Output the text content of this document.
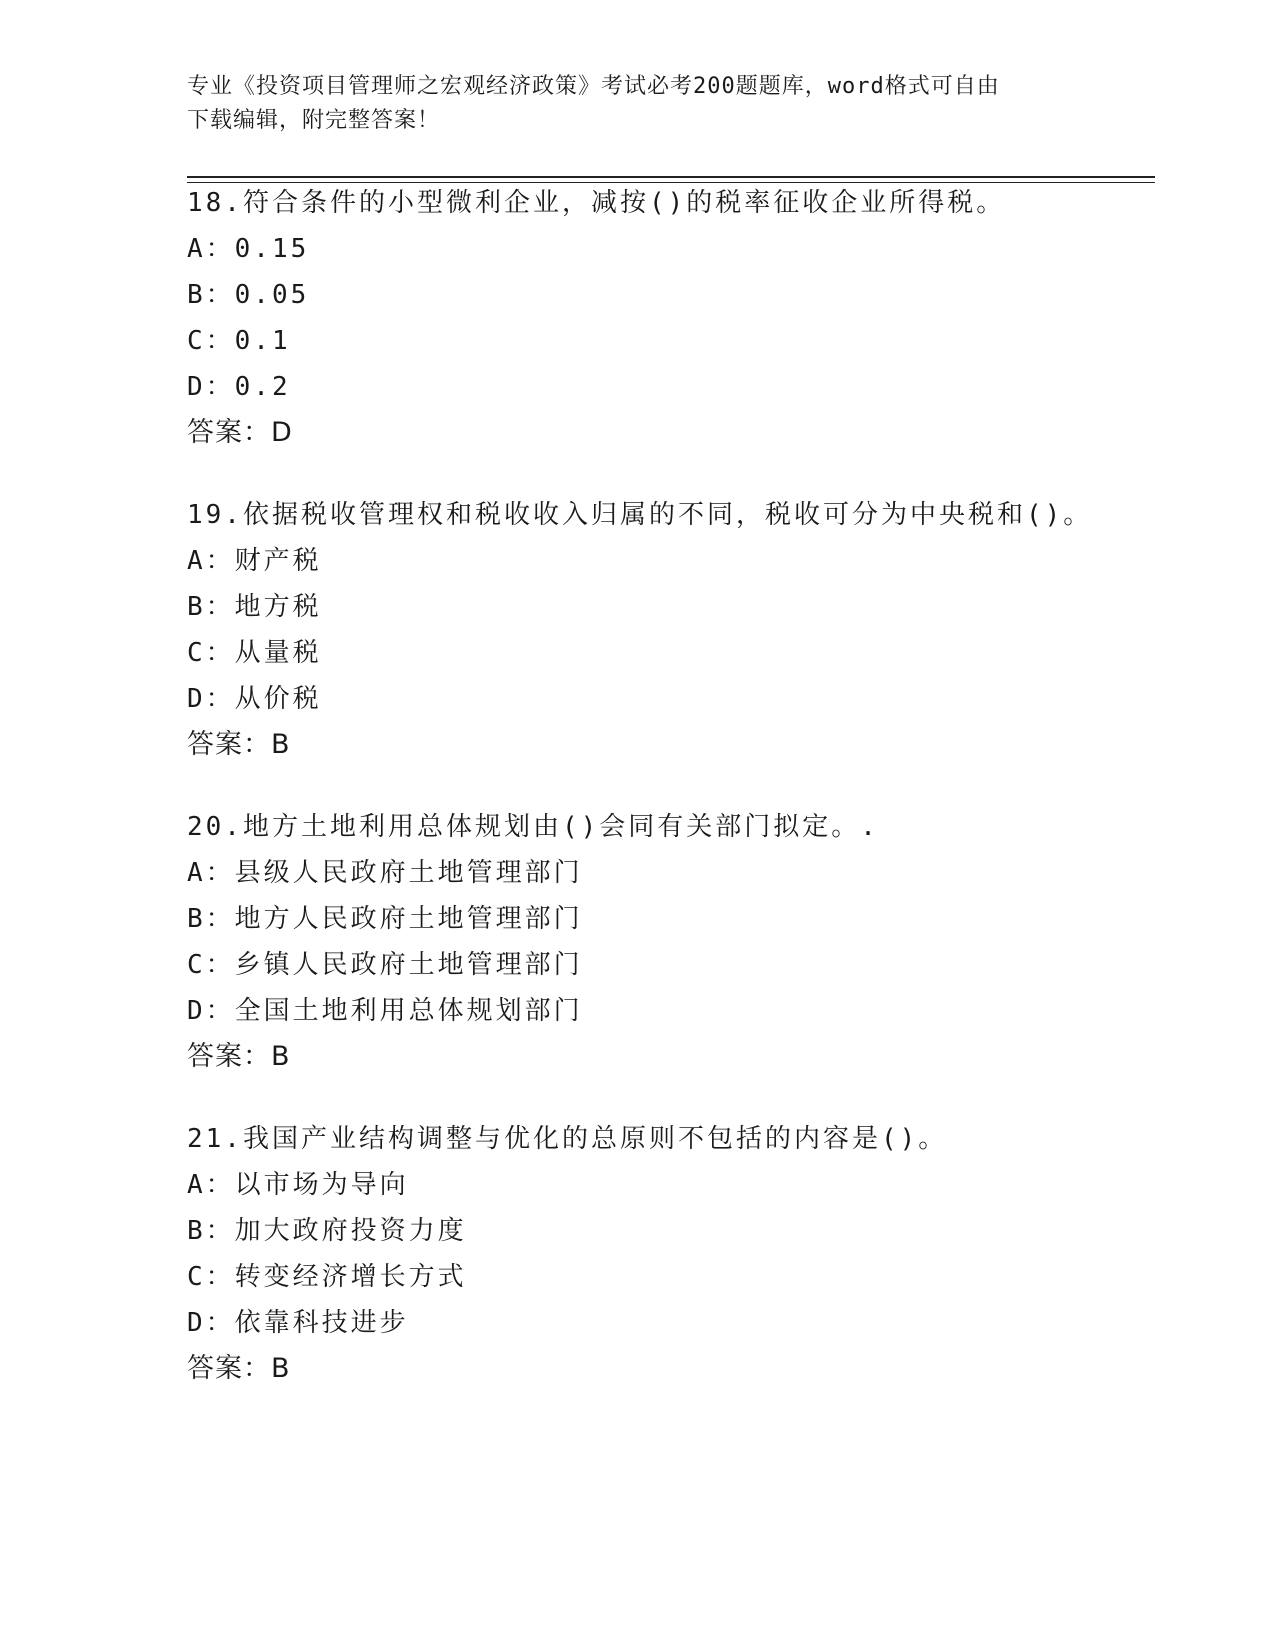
专业《投资项目管理师之宏观经济政策》考试必考200题题库，word格式可自由
下载编辑，附完整答案！
18.符合条件的小型微利企业，减按()的税率征收企业所得税。
A：0.15
B：0.05
C：0.1
D：0.2
答案：D
19.依据税收管理权和税收收入归属的不同，税收可分为中央税和()。
A：财产税
B：地方税
C：从量税
D：从价税
答案：B
20.地方土地利用总体规划由()会同有关部门拟定。.
A：县级人民政府土地管理部门
B：地方人民政府土地管理部门
C：乡镇人民政府土地管理部门
D：全国土地利用总体规划部门
答案：B
21.我国产业结构调整与优化的总原则不包括的内容是()。
A：以市场为导向
B：加大政府投资力度
C：转变经济增长方式
D：依靠科技进步
答案：B
